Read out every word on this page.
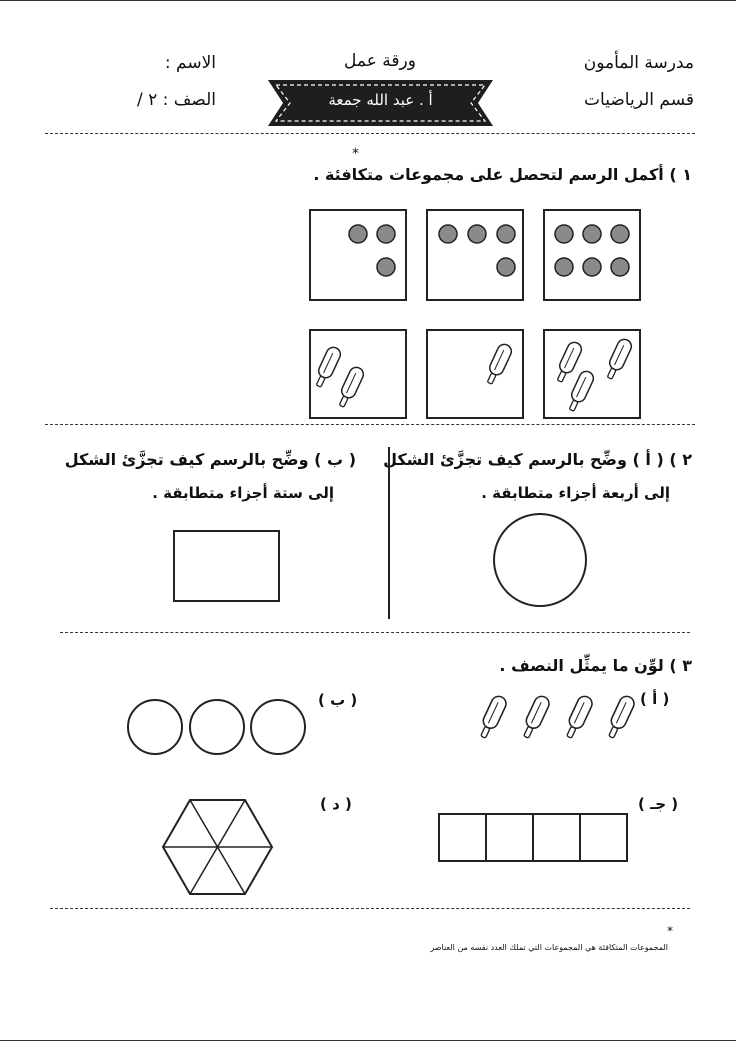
مدرسة المأمون
قسم الرياضيات
ورقة عمل
الاسم :
الصف : ٢ /	أ . عبد الله جمعة
*
١ ) أكمل الرسم لتحصل على مجموعات متكافئة .
٢ ) ( أ ) وضِّح بالرسم كيف تجزَّئ الشكل
إلى أربعة أجزاء متطابقة .
( ب ) وضِّح بالرسم كيف تجزَّئ الشكل
إلى ستة أجزاء متطابقة .
٣ ) لوِّن ما يمثِّل النصف .
( أ )
( ب )
( جـ )
( د )
*
المجموعات المتكافئة هي المجموعات التي تملك العدد نفسه من العناصر
